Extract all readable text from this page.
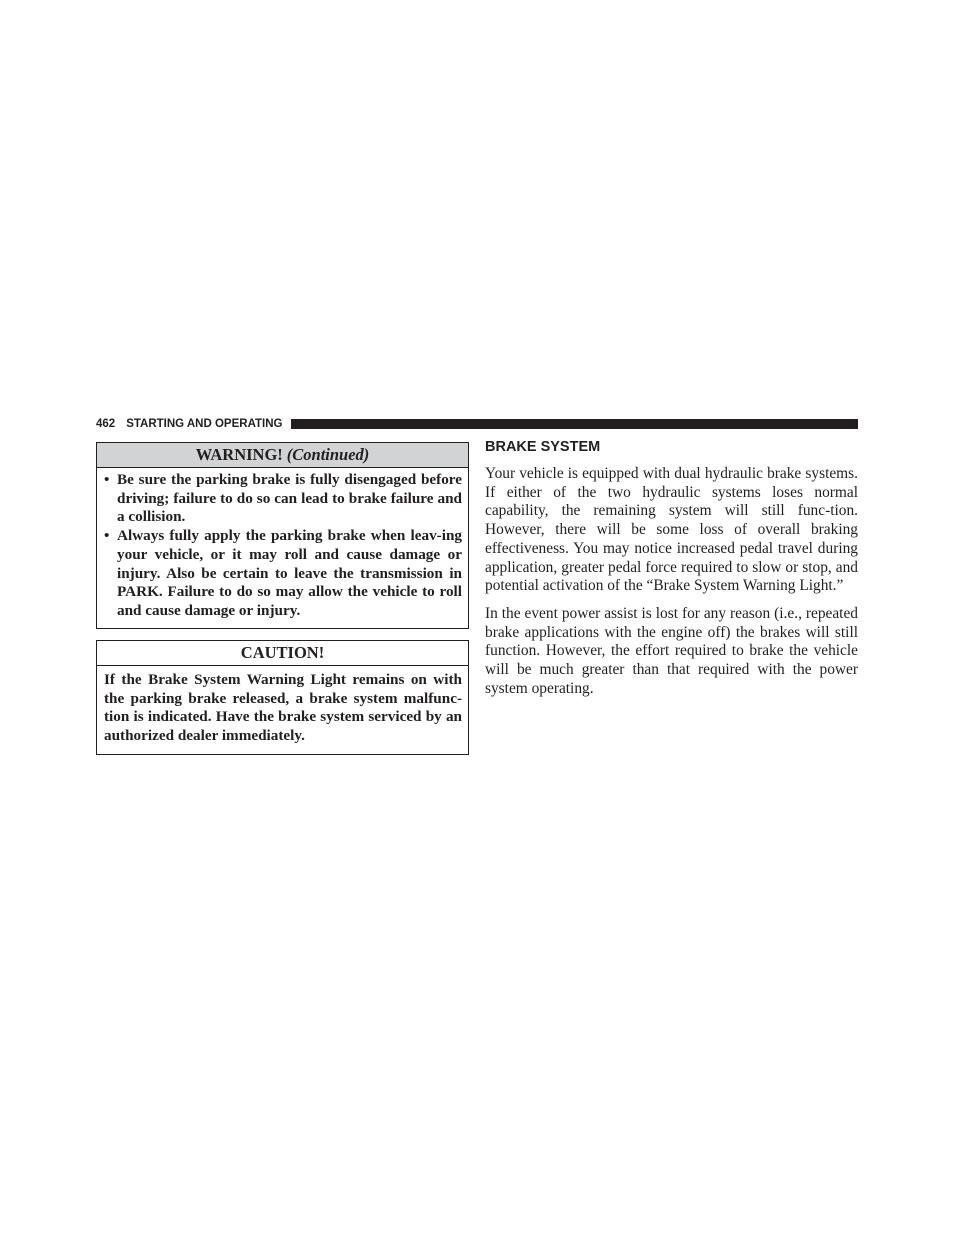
462 STARTING AND OPERATING
WARNING! (Continued)
• Be sure the parking brake is fully disengaged before driving; failure to do so can lead to brake failure and a collision.
• Always fully apply the parking brake when leav-ing your vehicle, or it may roll and cause damage or injury. Also be certain to leave the transmission in PARK. Failure to do so may allow the vehicle to roll and cause damage or injury.
CAUTION!
If the Brake System Warning Light remains on with the parking brake released, a brake system malfunc-tion is indicated. Have the brake system serviced by an authorized dealer immediately.
BRAKE SYSTEM

Your vehicle is equipped with dual hydraulic brake systems. If either of the two hydraulic systems loses normal capability, the remaining system will still func-tion. However, there will be some loss of overall braking effectiveness. You may notice increased pedal travel during application, greater pedal force required to slow or stop, and potential activation of the “Brake System Warning Light.”

In the event power assist is lost for any reason (i.e., repeated brake applications with the engine off) the brakes will still function. However, the effort required to brake the vehicle will be much greater than that required with the power system operating.
